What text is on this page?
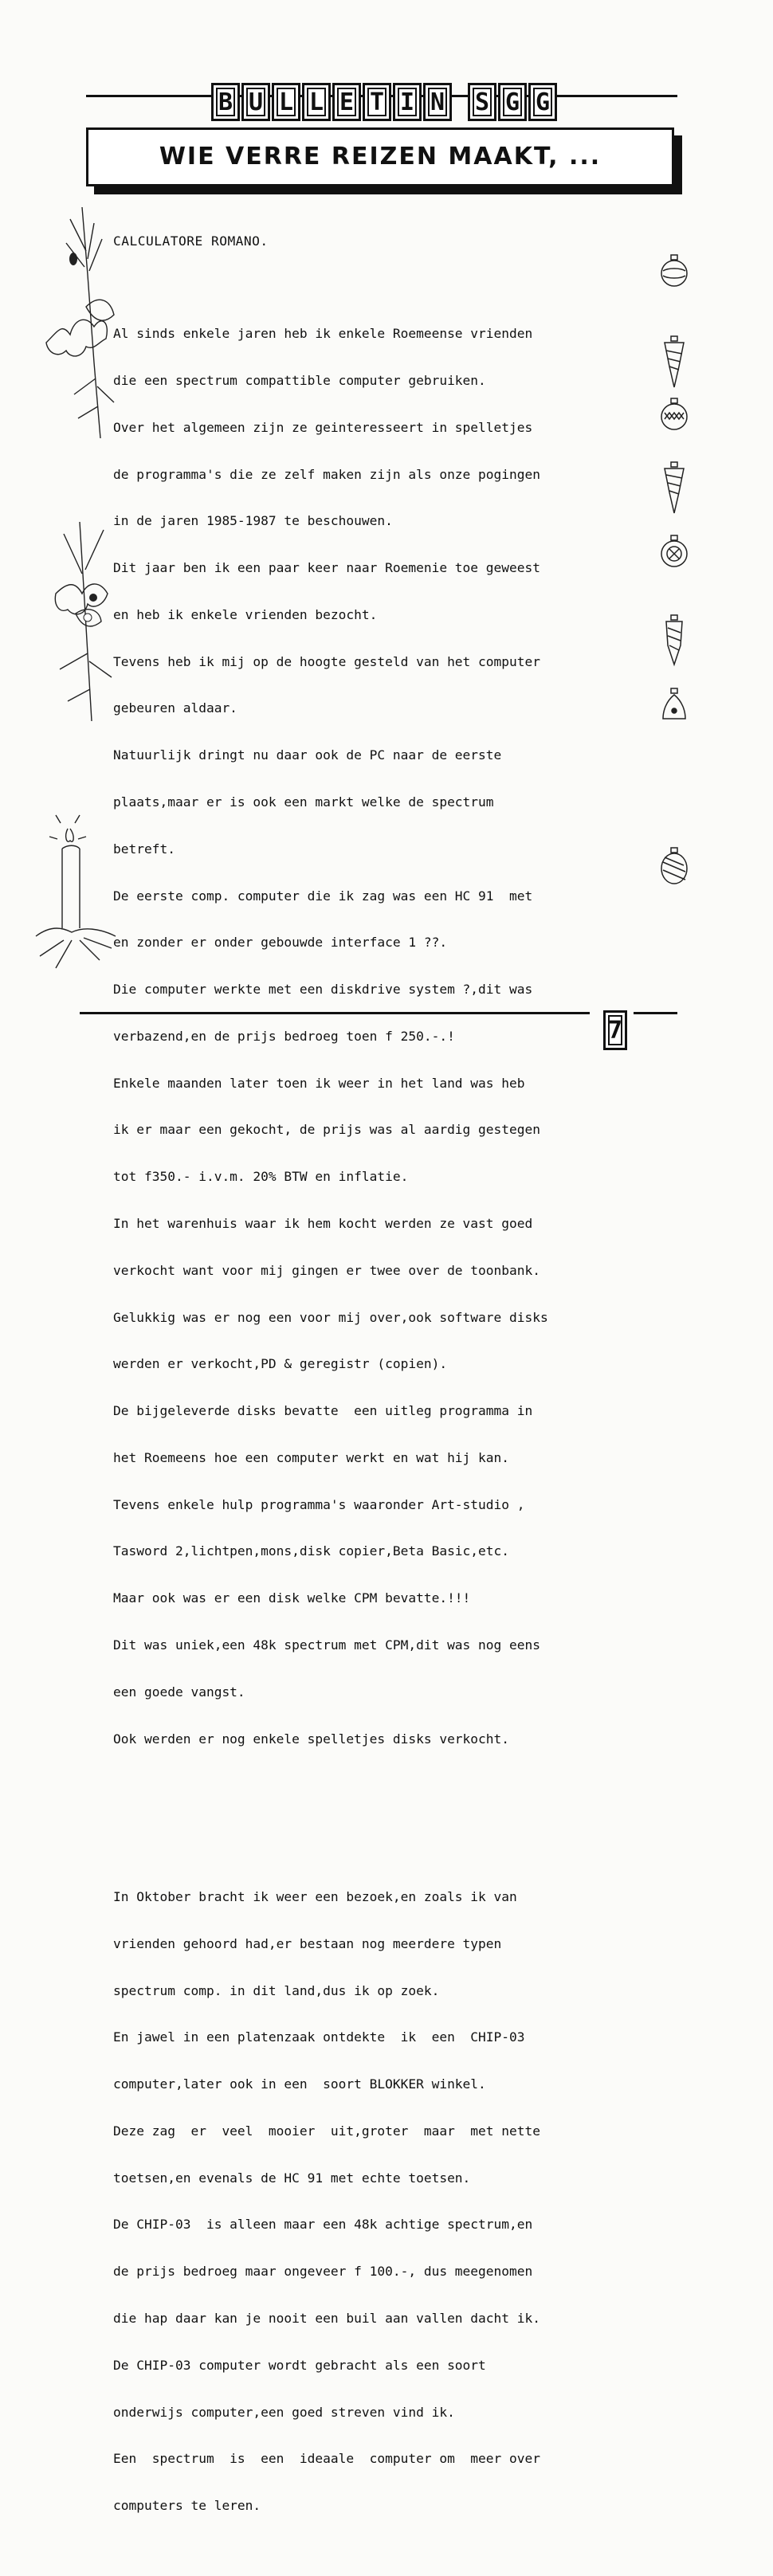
B U L L E T I N S G G
WIE VERRE REIZEN MAAKT, ...

CALCULATORE ROMANO.

Al sinds enkele jaren heb ik enkele Roemeense vrienden

die een spectrum compattible computer gebruiken.

Over het algemeen zijn ze geinteresseert in spelletjes

de programma's die ze zelf maken zijn als onze pogingen

in de jaren 1985-1987 te beschouwen.

Dit jaar ben ik een paar keer naar Roemenie toe geweest

en heb ik enkele vrienden bezocht.

Tevens heb ik mij op de hoogte gesteld van het computer

gebeuren aldaar.

Natuurlijk dringt nu daar ook de PC naar de eerste

plaats,maar er is ook een markt welke de spectrum

betreft.

De eerste comp. computer die ik zag was een HC 91  met

en zonder er onder gebouwde interface 1 ??.

Die computer werkte met een diskdrive system ?,dit was

verbazend,en de prijs bedroeg toen f 250.-.!

Enkele maanden later toen ik weer in het land was heb

ik er maar een gekocht, de prijs was al aardig gestegen

tot f350.- i.v.m. 20% BTW en inflatie.

In het warenhuis waar ik hem kocht werden ze vast goed

verkocht want voor mij gingen er twee over de toonbank.

Gelukkig was er nog een voor mij over,ook software disks

werden er verkocht,PD & geregistr (copien).

De bijgeleverde disks bevatte  een uitleg programma in

het Roemeens hoe een computer werkt en wat hij kan.

Tevens enkele hulp programma's waaronder Art-studio ,

Tasword 2,lichtpen,mons,disk copier,Beta Basic,etc.

Maar ook was er een disk welke CPM bevatte.!!!

Dit was uniek,een 48k spectrum met CPM,dit was nog eens

een goede vangst.

Ook werden er nog enkele spelletjes disks verkocht.

In Oktober bracht ik weer een bezoek,en zoals ik van

vrienden gehoord had,er bestaan nog meerdere typen

spectrum comp. in dit land,dus ik op zoek.

En jawel in een platenzaak ontdekte  ik  een  CHIP-03

computer,later ook in een  soort BLOKKER winkel.

Deze zag  er  veel  mooier  uit,groter  maar  met nette

toetsen,en evenals de HC 91 met echte toetsen.

De CHIP-03  is alleen maar een 48k achtige spectrum,en

de prijs bedroeg maar ongeveer f 100.-, dus meegenomen

die hap daar kan je nooit een buil aan vallen dacht ik.

De CHIP-03 computer wordt gebracht als een soort

onderwijs computer,een goed streven vind ik.

Een  spectrum  is  een  ideaale  computer om  meer over

computers te leren.

7
